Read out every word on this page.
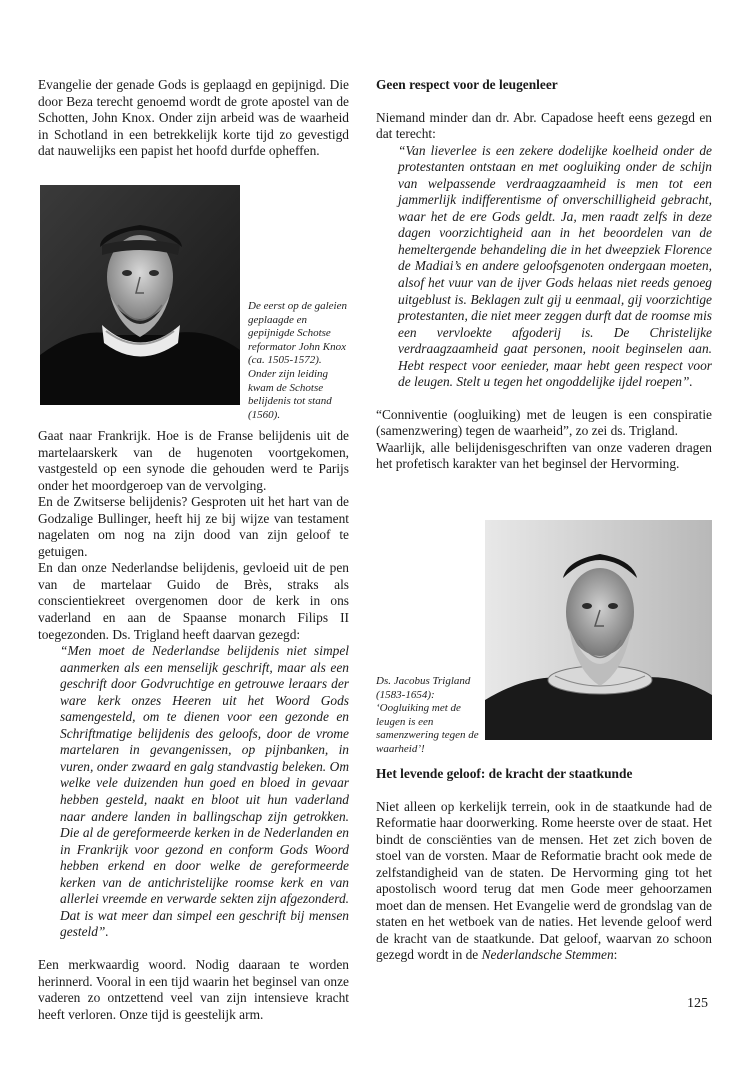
Evangelie der genade Gods is geplaagd en gepijnigd. Die door Beza terecht genoemd wordt de grote apostel van de Schotten, John Knox. Onder zijn arbeid was de waarheid in Schotland in een betrekkelijk korte tijd zo gevestigd dat nauwelijks een papist het hoofd durfde opheffen.

De eerst op de galeien geplaagde en gepijnigde Schotse reformator John Knox (ca. 1505-1572). Onder zijn leiding kwam de Schotse belijdenis tot stand (1560).

Gaat naar Frankrijk. Hoe is de Franse belijdenis uit de martelaarskerk van de hugenoten voortgekomen, vastgesteld op een synode die gehouden werd te Parijs onder het moordgeroep van de vervolging.

En de Zwitserse belijdenis? Gesproten uit het hart van de Godzalige Bullinger, heeft hij ze bij wijze van testament nagelaten om nog na zijn dood van zijn geloof te getuigen.

En dan onze Nederlandse belijdenis, gevloeid uit de pen van de martelaar Guido de Brès, straks als conscientiekreet overgenomen door de kerk in ons vaderland en aan de Spaanse monarch Filips II toegezonden. Ds. Trigland heeft daarvan gezegd:

“Men moet de Nederlandse belijdenis niet simpel aanmerken als een menselijk geschrift, maar als een geschrift door Godvruchtige en getrouwe leraars der ware kerk onzes Heeren uit het Woord Gods samengesteld, om te dienen voor een gezonde en Schriftmatige belijdenis des geloofs, door de vrome martelaren in gevangenissen, op pijnbanken, in vuren, onder zwaard en galg standvastig beleken. Om welke vele duizenden hun goed en bloed in gevaar hebben gesteld, naakt en bloot uit hun vaderland naar andere landen in ballingschap zijn getrokken. Die al de gereformeerde kerken in de Nederlanden en in Frankrijk voor gezond en conform Gods Woord hebben erkend en door welke de gereformeerde kerken van de antichristelijke roomse kerk en van allerlei vreemde en verwarde sekten zijn afgezonderd. Dat is wat meer dan simpel een geschrift bij mensen gesteld”.

Een merkwaardig woord. Nodig daaraan te worden herinnerd. Vooral in een tijd waarin het beginsel van onze vaderen zo ontzettend veel van zijn intensieve kracht heeft verloren. Onze tijd is geestelijk arm.

Geen respect voor de leugenleer

Niemand minder dan dr. Abr. Capadose heeft eens gezegd en dat terecht:

“Van lieverlee is een zekere dodelijke koelheid onder de protestanten ontstaan en met oogluiking onder de schijn van welpassende verdraagzaamheid is men tot een jammerlijk indifferentisme of onverschilligheid gebracht, waar het de ere Gods geldt. Ja, men raadt zelfs in deze dagen voorzichtigheid aan in het beoordelen van de hemeltergende behandeling die in het dweepziek Florence de Madiai’s en andere geloofsgenoten ondergaan moeten, alsof het vuur van de ijver Gods helaas niet reeds genoeg uitgeblust is. Beklagen zult gij u eenmaal, gij voorzichtige protestanten, die niet meer zeggen durft dat de roomse mis een vervloekte afgoderij is. De Christelijke verdraagzaamheid gaat personen, nooit beginselen aan. Hebt respect voor eenieder, maar hebt geen respect voor de leugen. Stelt u tegen het ongoddelijke ijdel roepen”.

“Conniventie (oogluiking) met de leugen is een conspiratie (samenzwering) tegen de waarheid”, zo zei ds. Trigland.

Waarlijk, alle belijdenisgeschriften van onze vaderen dragen het profetisch karakter van het beginsel der Hervorming.

Ds. Jacobus Trigland (1583-1654): ‘Oogluiking met de leugen is een samenzwering tegen de waarheid’!
Het levende geloof: de kracht der staatkunde

Niet alleen op kerkelijk terrein, ook in de staatkunde had de Reformatie haar doorwerking. Rome heerste over de staat. Het bindt de consciënties van de mensen. Het zet zich boven de stoel van de vorsten. Maar de Reformatie bracht ook mede de zelfstandigheid van de staten. De Hervorming ging tot het apostolisch woord terug dat men Gode meer gehoorzamen moet dan de mensen. Het Evangelie werd de grondslag van de staten en het wetboek van de naties. Het levende geloof werd de kracht van de staatkunde. Dat geloof, waarvan zo schoon gezegd wordt in de Nederlandsche Stemmen:

125
